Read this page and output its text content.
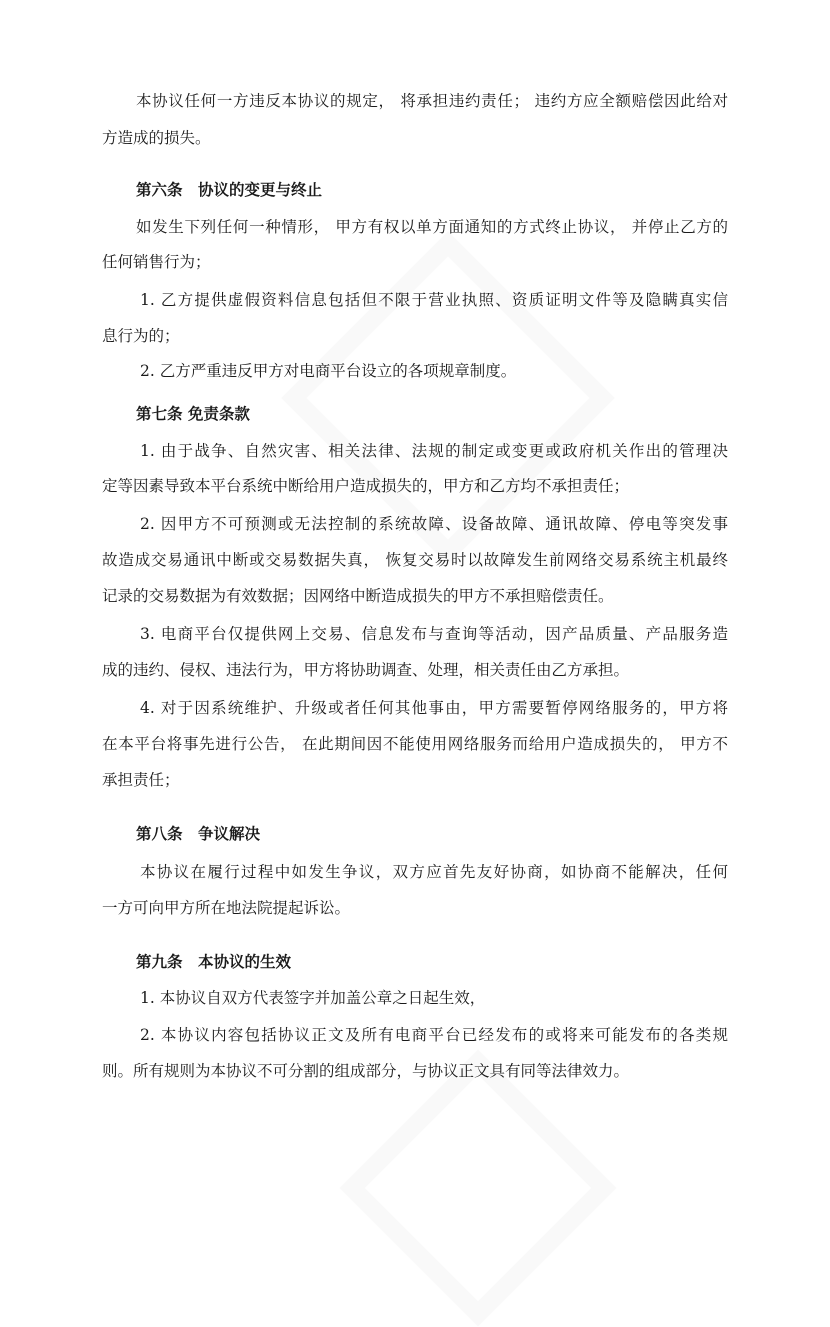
本协议任何一方违反本协议的规定， 将承担违约责任； 违约方应全额赔偿因此给对
方造成的损失。
第六条　协议的变更与终止
如发生下列任何一种情形， 甲方有权以单方面通知的方式终止协议， 并停止乙方的
任何销售行为；
1. 乙方提供虚假资料信息包括但不限于营业执照、资质证明文件等及隐瞒真实信
息行为的；
2. 乙方严重违反甲方对电商平台设立的各项规章制度。
第七条 免责条款
1. 由于战争、自然灾害、相关法律、法规的制定或变更或政府机关作出的管理决
定等因素导致本平台系统中断给用户造成损失的，甲方和乙方均不承担责任；
2. 因甲方不可预测或无法控制的系统故障、设备故障、通讯故障、停电等突发事
故造成交易通讯中断或交易数据失真， 恢复交易时以故障发生前网络交易系统主机最终
记录的交易数据为有效数据；因网络中断造成损失的甲方不承担赔偿责任。
3. 电商平台仅提供网上交易、信息发布与查询等活动，因产品质量、产品服务造
成的违约、侵权、违法行为，甲方将协助调查、处理，相关责任由乙方承担。
4. 对于因系统维护、升级或者任何其他事由，甲方需要暂停网络服务的，甲方将
在本平台将事先进行公告， 在此期间因不能使用网络服务而给用户造成损失的， 甲方不
承担责任；
第八条　争议解决
本协议在履行过程中如发生争议，双方应首先友好协商，如协商不能解决，任何
一方可向甲方所在地法院提起诉讼。
第九条　本协议的生效
1. 本协议自双方代表签字并加盖公章之日起生效，
2. 本协议内容包括协议正文及所有电商平台已经发布的或将来可能发布的各类规
则。所有规则为本协议不可分割的组成部分，与协议正文具有同等法律效力。
